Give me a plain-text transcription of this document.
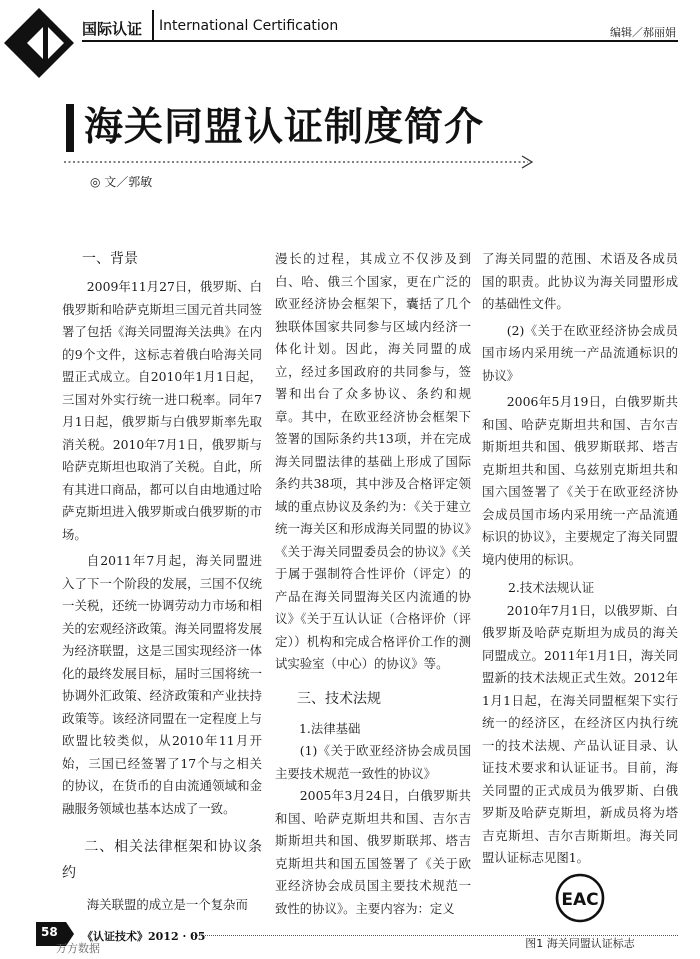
国际认证 International Certification	编辑／郝丽娟
海关同盟认证制度简介
◎ 文／郭敏
一、背景

2009年11月27日，俄罗斯、白俄罗斯和哈萨克斯坦三国元首共同签署了包括《海关同盟海关法典》在内的9个文件，这标志着俄白哈海关同盟正式成立。自2010年1月1日起，三国对外实行统一进口税率。同年7月1日起，俄罗斯与白俄罗斯率先取消关税。2010年7月1日，俄罗斯与哈萨克斯坦也取消了关税。自此，所有其进口商品，都可以自由地通过哈萨克斯坦进入俄罗斯或白俄罗斯的市场。

自2011年7月起，海关同盟进入了下一个阶段的发展，三国不仅统一关税，还统一协调劳动力市场和相关的宏观经济政策。海关同盟将发展为经济联盟，这是三国实现经济一体化的最终发展目标，届时三国将统一协调外汇政策、经济政策和产业扶持政策等。该经济同盟在一定程度上与欧盟比较类似，从2010年11月开始，三国已经签署了17个与之相关的协议，在货币的自由流通领域和金融服务领域也基本达成了一致。

二、相关法律框架和协议条约

海关联盟的成立是一个复杂而

漫长的过程，其成立不仅涉及到白、哈、俄三个国家，更在广泛的欧亚经济协会框架下，囊括了几个独联体国家共同参与区域内经济一体化计划。因此，海关同盟的成立，经过多国政府的共同参与，签署和出台了众多协议、条约和规章。其中，在欧亚经济协会框架下签署的国际条约共13项，并在完成海关同盟法律的基础上形成了国际条约共38项，其中涉及合格评定领域的重点协议及条约为：《关于建立统一海关区和形成海关同盟的协议》《关于海关同盟委员会的协议》《关于属于强制符合性评价（评定）的产品在海关同盟海关区内流通的协议》《关于互认认证（合格评价（评定））机构和完成合格评价工作的测试实验室（中心）的协议》等。

三、技术法规
1.法律基础

(1)《关于欧亚经济协会成员国主要技术规范一致性的协议》

2005年3月24日，白俄罗斯共和国、哈萨克斯坦共和国、吉尔吉斯斯坦共和国、俄罗斯联邦、塔吉克斯坦共和国五国签署了《关于欧亚经济协会成员国主要技术规范一致性的协议》。主要内容为：定义

了海关同盟的范围、术语及各成员国的职责。此协议为海关同盟形成的基础性文件。

(2)《关于在欧亚经济协会成员国市场内采用统一产品流通标识的协议》

2006年5月19日，白俄罗斯共和国、哈萨克斯坦共和国、吉尔吉斯斯坦共和国、俄罗斯联邦、塔吉克斯坦共和国、乌兹别克斯坦共和国六国签署了《关于在欧亚经济协会成员国市场内采用统一产品流通标识的协议》，主要规定了海关同盟境内使用的标识。

2.技术法规认证

2010年7月1日，以俄罗斯、白俄罗斯及哈萨克斯坦为成员的海关同盟成立。2011年1月1日，海关同盟新的技术法规正式生效。2012年1月1日起，在海关同盟框架下实行统一的经济区，在经济区内执行统一的技术法规、产品认证目录、认证技术要求和认证证书。目前，海关同盟的正式成员为俄罗斯、白俄罗斯及哈萨克斯坦，新成员将为塔吉克斯坦、吉尔吉斯斯坦。海关同盟认证标志见图1。

EAC
图1 海关同盟认证标志
58 《认证技术》2012 · 05
万方数据
